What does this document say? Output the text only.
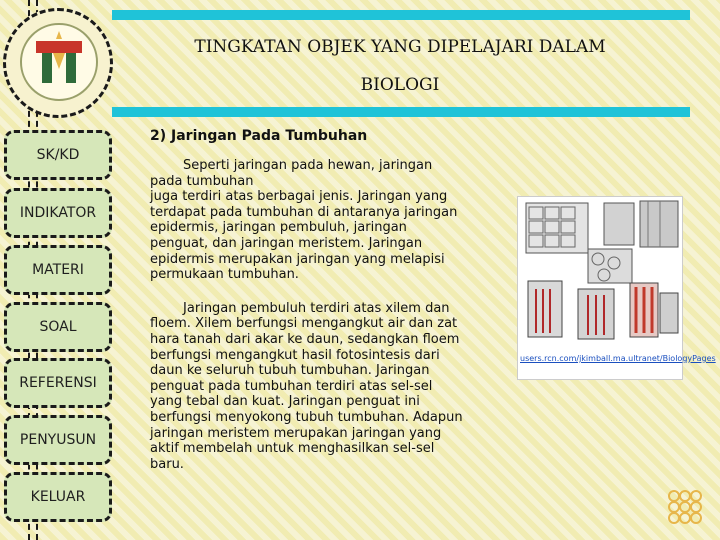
TINGKATAN OBJEK YANG DIPELAJARI DALAM
BIOLOGI
SK/KD
INDIKATOR
MATERI
SOAL
REFERENSI
PENYUSUN
KELUAR

2) Jaringan Pada Tumbuhan

Seperti jaringan pada hewan, jaringan
pada tumbuhan
juga terdiri atas berbagai jenis. Jaringan yang
terdapat pada tumbuhan di antaranya jaringan
epidermis, jaringan pembuluh, jaringan
penguat, dan jaringan meristem. Jaringan
epidermis merupakan jaringan yang melapisi
permukaan tumbuhan.

Jaringan pembuluh terdiri atas xilem dan
floem. Xilem berfungsi mengangkut air dan zat
hara tanah dari akar ke daun, sedangkan floem
berfungsi mengangkut hasil fotosintesis dari
daun ke seluruh tubuh tumbuhan. Jaringan
penguat pada tumbuhan terdiri atas sel-sel
yang tebal dan kuat. Jaringan penguat ini
berfungsi menyokong tubuh tumbuhan. Adapun
jaringan meristem merupakan jaringan yang
aktif membelah untuk menghasilkan sel-sel
baru.

users.rcn.com/jkimball.ma.ultranet/BiologyPages
